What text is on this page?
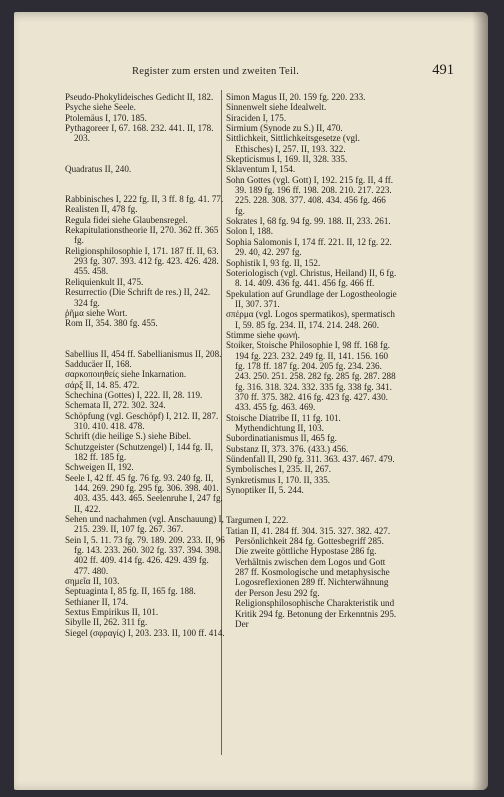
Register zum ersten und zweiten Teil.	491

Pseudo-Phokylideisches Gedicht II, 182.

Psyche siehe Seele.

Ptolemäus I, 170. 185.

Pythagoreer I, 67. 168. 232. 441. II, 178. 203.

Quadratus II, 240.

Rabbinisches I, 222 fg. II, 3 ff. 8 fg. 41. 77.

Realisten II, 478 fg.

Regula fidei siehe Glaubensregel.

Rekapitulationstheorie II, 270. 362 ff. 365 fg.

Religionsphilosophie I, 171. 187 ff. II, 63. 293 fg. 307. 393. 412 fg. 423. 426. 428. 455. 458.

Reliquienkult II, 475.

Resurrectio (Die Schrift de res.) II, 242. 324 fg.

ῥῆμα siehe Wort.

Rom II, 354. 380 fg. 455.

Sabellius II, 454 ff. Sabellianismus II, 208.

Sadducäer II, 168.

σαρκοποιηθείς siehe Inkarnation.

σάρξ II, 14. 85. 472.

Schechina (Gottes) I, 222. II, 28. 119.

Schemata II, 272. 302. 324.

Schöpfung (vgl. Geschöpf) I, 212. II, 287. 310. 410. 418. 478.

Schrift (die heilige S.) siehe Bibel.

Schutzgeister (Schutzengel) I, 144 fg. II, 182 ff. 185 fg.

Schweigen II, 192.

Seele I, 42 ff. 45 fg. 76 fg. 93. 240 fg. II, 144. 269. 290 fg. 295 fg. 306. 398. 401. 403. 435. 443. 465. Seelenruhe I, 247 fg. II, 422.

Sehen und nachahmen (vgl. Anschauung) I, 215. 239. II, 107 fg. 267. 367.

Sein I, 5. 11. 73 fg. 79. 189. 209. 233. II, 96 fg. 143. 233. 260. 302 fg. 337. 394. 398. 402 ff. 409. 414 fg. 426. 429. 439 fg. 477. 480.

σημεῖα II, 103.

Septuaginta I, 85 fg. II, 165 fg. 188.

Sethianer II, 174.

Sextus Empirikus II, 101.

Sibylle II, 262. 311 fg.

Siegel (σφραγίς) I, 203. 233. II, 100 ff. 414.

Simon Magus II, 20. 159 fg. 220. 233.

Sinnenwelt siehe Idealwelt.

Siraciden I, 175.

Sirmium (Synode zu S.) II, 470.

Sittlichkeit, Sittlichkeitsgesetze (vgl. Ethisches) I, 257. II, 193. 322.

Skepticismus I, 169. II, 328. 335.

Sklaventum I, 154.

Sohn Gottes (vgl. Gott) I, 192. 215 fg. II, 4 ff. 39. 189 fg. 196 ff. 198. 208. 210. 217. 223. 225. 228. 308. 377. 408. 434. 456 fg. 466 fg.

Sokrates I, 68 fg. 94 fg. 99. 188. II, 233. 261.

Solon I, 188.

Sophia Salomonis I, 174 ff. 221. II, 12 fg. 22. 29. 40, 42. 297 fg.

Sophistik I, 93 fg. II, 152.

Soteriologisch (vgl. Christus, Heiland) II, 6 fg. 8. 14. 409. 436 fg. 441. 456 fg. 466 ff.

Spekulation auf Grundlage der Logostheologie II, 307. 371.

σπέρμα (vgl. Logos spermatikos), spermatisch I, 59. 85 fg. 234. II, 174. 214. 248. 260.

Stimme siehe φωνή.

Stoiker, Stoische Philosophie I, 98 ff. 168 fg. 194 fg. 223. 232. 249 fg. II, 141. 156. 160 fg. 178 ff. 187 fg. 204. 205 fg. 234. 236. 243. 250. 251. 258. 282 fg. 285 fg. 287. 288 fg. 316. 318. 324. 332. 335 fg. 338 fg. 341. 370 ff. 375. 382. 416 fg. 423 fg. 427. 430. 433. 455 fg. 463. 469.

Stoische Diatribe II, 11 fg. 101. Mythendichtung II, 103.

Subordinatianismus II, 465 fg.

Substanz II, 373. 376. (433.) 456.

Sündenfall II, 290 fg. 311. 363. 437. 467. 479.

Symbolisches I, 235. II, 267.

Synkretismus I, 170. II, 335.

Synoptiker II, 5. 244.

Targumen I, 222.

Tatian II, 41. 284 ff. 304. 315. 327. 382. 427. Persönlichkeit 284 fg. Gottesbegriff 285. Die zweite göttliche Hypostase 286 fg. Verhältnis zwischen dem Logos und Gott 287 ff. Kosmologische und metaphysische Logosreflexionen 289 ff. Nichterwähnung der Person Jesu 292 fg. Religionsphilosophische Charakteristik und Kritik 294 fg. Betonung der Erkenntnis 295. Der
